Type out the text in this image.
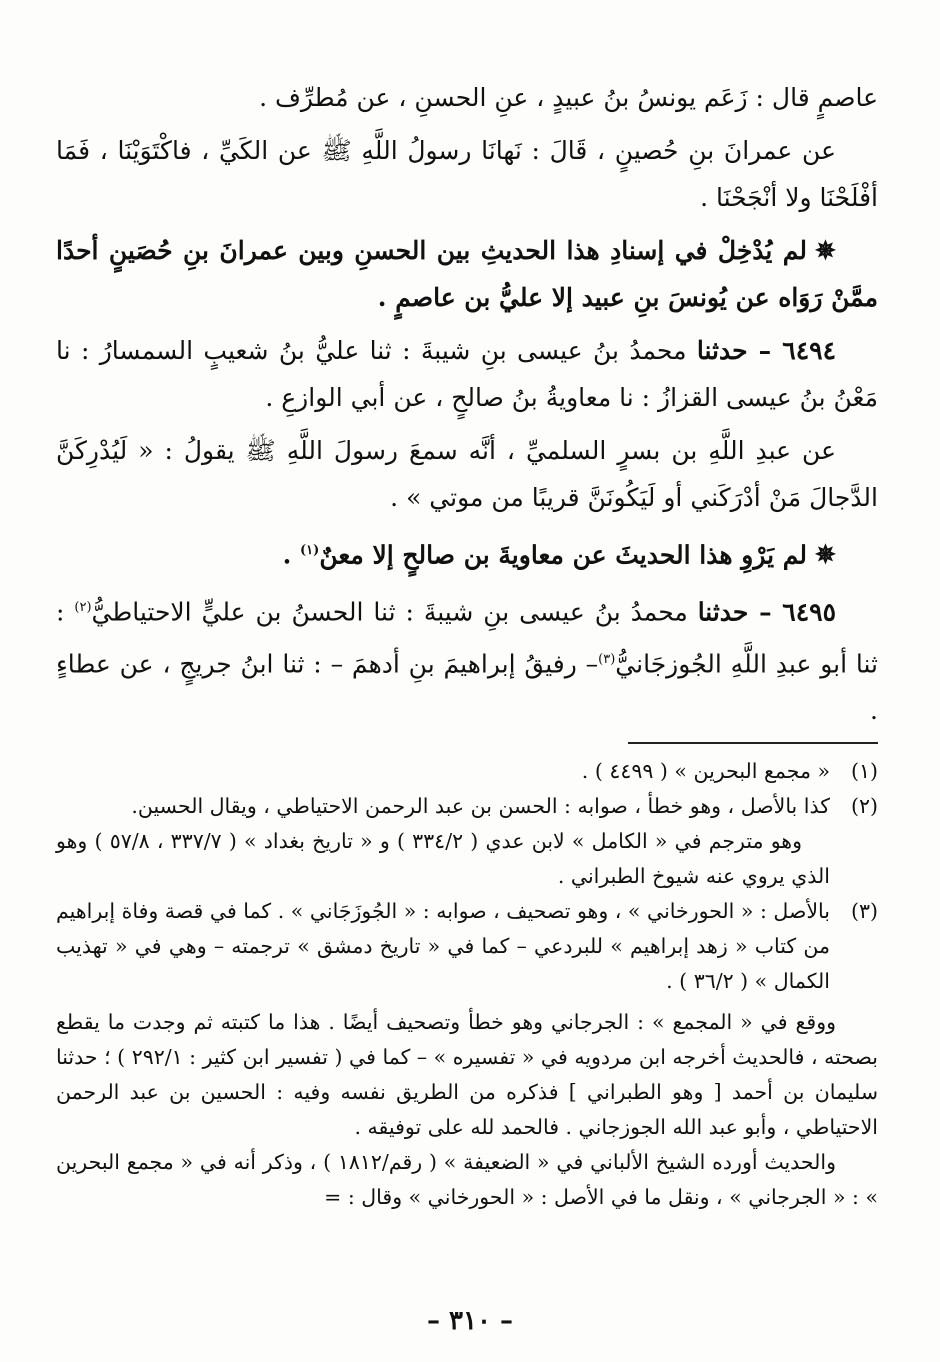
عاصمٍ قال : زَعَم يونسُ بنُ عبيدٍ ، عنِ الحسنِ ، عن مُطرِّف .

عن عمرانَ بنِ حُصينٍ ، قَالَ : نَهانَا رسولُ اللَّهِ ﷺ عن الكَيِّ ، فاكْتَوَيْنَا ، فَمَا أفْلَحْنَا ولا أنْجَحْنَا .

✵لم يُدْخِلْ في إسنادِ هذا الحديثِ بين الحسنِ وبين عمرانَ بنِ حُصَينٍ أحدًا ممَّنْ رَوَاه عن يُونسَ بنِ عبيد إلا عليُّ بن عاصمٍ .

٦٤٩٤ – حدثنا محمدُ بنُ عيسى بنِ شيبةَ : ثنا عليُّ بنُ شعيبٍ السمسارُ : نا مَعْنُ بنُ عيسى القزازُ : نا معاويةُ بنُ صالحٍ ، عن أبي الوازعِ .

عن عبدِ اللَّهِ بن بسرٍ السلميِّ ، أنَّه سمعَ رسولَ اللَّهِ ﷺ يقولُ : « لَيُدْرِكَنَّ الدَّجالَ مَنْ أدْرَكَني أو لَيَكُونَنَّ قريبًا من موتي » .

✵لم يَرْوِ هذا الحديثَ عن معاويةَ بن صالحٍ إلا معنٌ$^{(١)}$ .

٦٤٩٥ – حدثنا محمدُ بنُ عيسى بنِ شيبةَ : ثنا الحسنُ بن عليٍّ الاحتياطيُّ$^{(٢)}$ : ثنا أبو عبدِ اللَّهِ الجُوزجَانيُّ$^{(٣)}$– رفيقُ إبراهيمَ بنِ أدهمَ – : ثنا ابنُ جريجٍ ، عن عطاءٍ .

(١)

« مجمع البحرين » ( ٤٤٩٩ ) .

(٢)

كذا بالأصل ، وهو خطأ ، صوابه : الحسن بن عبد الرحمن الاحتياطي ، ويقال الحسين.

وهو مترجم في « الكامل » لابن عدي ( ٣٣٤/٢ ) و « تاريخ بغداد » ( ٣٣٧/٧ ، ٥٧/٨ ) وهو الذي يروي عنه شيوخ الطبراني .

(٣)

بالأصل : « الحورخاني » ، وهو تصحيف ، صوابه : « الجُوزَجَاني » . كما في قصة وفاة إبراهيم من كتاب « زهد إبراهيم » للبردعي – كما في « تاريخ دمشق » ترجمته – وهي في « تهذيب الكمال » ( ٣٦/٢ ) .

ووقع في « المجمع » : الجرجاني وهو خطأ وتصحيف أيضًا . هذا ما كتبته ثم وجدت ما يقطع بصحته ، فالحديث أخرجه ابن مردويه في « تفسيره » – كما في ( تفسير ابن كثير : ٢٩٢/١ ) ؛ حدثنا سليمان بن أحمد [ وهو الطبراني ] فذكره من الطريق نفسه وفيه : الحسين بن عبد الرحمن الاحتياطي ، وأبو عبد الله الجوزجاني . فالحمد لله على توفيقه .

والحديث أورده الشيخ الألباني في « الضعيفة » ( رقم/١٨١٢ ) ، وذكر أنه في « مجمع البحرين » : « الجرجاني » ، ونقل ما في الأصل : « الحورخاني » وقال : =

– ٣١٠ –
